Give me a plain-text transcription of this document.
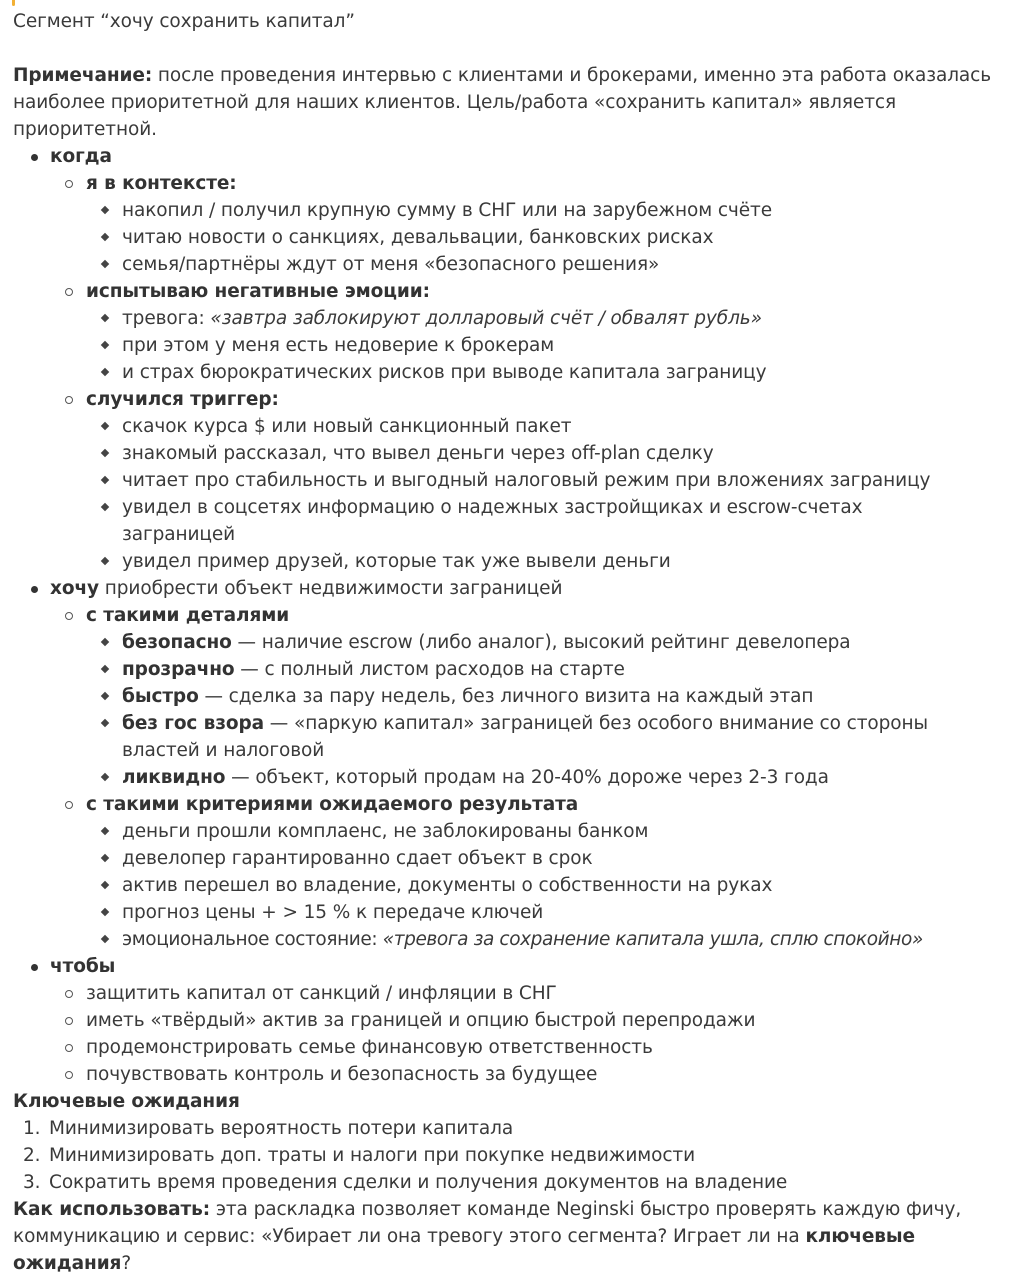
Сегмент “хочу сохранить капитал”
Примечание: после проведения интервью с клиентами и брокерами, именно эта работа оказалась наиболее приоритетной для наших клиентов. Цель/работа «сохранить капитал» является приоритетной.
когда
я в контексте:
накопил / получил крупную сумму в СНГ или на зарубежном счёте
читаю новости о санкциях, девальвации, банковских рисках
семья/партнёры ждут от меня «безопасного решения»
испытываю негативные эмоции:
тревога: «завтра заблокируют долларовый счёт / обвалят рубль»
при этом у меня есть недоверие к брокерам
и страх бюрократических рисков при выводе капитала заграницу
случился триггер:
скачок курса $ или новый санкционный пакет
знакомый рассказал, что вывел деньги через off-plan сделку
читает про стабильность и выгодный налоговый режим при вложениях заграницу
увидел в соцсетях информацию о надежных застройщиках и escrow-счетах заграницей
увидел пример друзей, которые так уже вывели деньги
хочу приобрести объект недвижимости заграницей
с такими деталями
безопасно — наличие escrow (либо аналог), высокий рейтинг девелопера
прозрачно — с полный листом расходов на старте
быстро — сделка за пару недель, без личного визита на каждый этап
без гос взора — «паркую капитал» заграницей без особого внимание со стороны властей и налоговой
ликвидно — объект, который продам на 20-40% дороже через 2-3 года
с такими критериями ожидаемого результата
деньги прошли комплаенс, не заблокированы банком
девелопер гарантированно сдает объект в срок
актив перешел во владение, документы о собственности на руках
прогноз цены + > 15 % к передаче ключей
эмоциональное состояние: «тревога за сохранение капитала ушла, сплю спокойно»
чтобы
защитить капитал от санкций / инфляции в СНГ
иметь «твёрдый» актив за границей и опцию быстрой перепродажи
продемонстрировать семье финансовую ответственность
почувствовать контроль и безопасность за будущее
Ключевые ожидания
1. Минимизировать вероятность потери капитала
2. Минимизировать доп. траты и налоги при покупке недвижимости
3. Сократить время проведения сделки и получения документов на владение
Как использовать: эта раскладка позволяет команде Neginski быстро проверять каждую фичу, коммуникацию и сервис: «Убирает ли она тревогу этого сегмента? Играет ли на ключевые ожидания?
